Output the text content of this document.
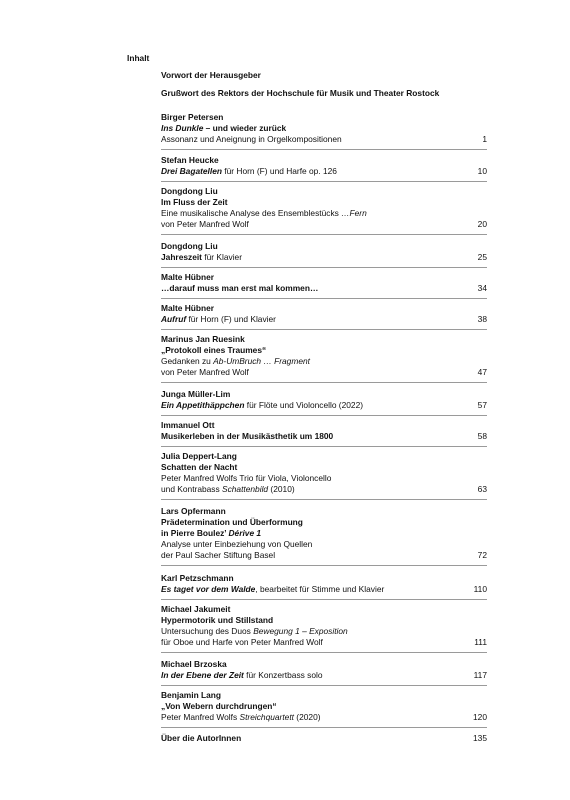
Inhalt
Vorwort der Herausgeber
Grußwort des Rektors der Hochschule für Musik und Theater Rostock
Birger Petersen
Ins Dunkle – und wieder zurück
Assonanz und Aneignung in Orgelkompositionen	1
Stefan Heucke
Drei Bagatellen für Horn (F) und Harfe op. 126	10
Dongdong Liu
Im Fluss der Zeit
Eine musikalische Analyse des Ensemblestücks …Fern
von Peter Manfred Wolf	20
Dongdong Liu
Jahreszeit für Klavier	25
Malte Hübner
…darauf muss man erst mal kommen…	34
Malte Hübner
Aufruf für Horn (F) und Klavier	38
Marinus Jan Ruesink
„Protokoll eines Traumes“
Gedanken zu Ab-UmBruch … Fragment
von Peter Manfred Wolf	47
Junga Müller-Lim
Ein Appetithäppchen für Flöte und Violoncello (2022)	57
Immanuel Ott
Musikerleben in der Musikästhetik um 1800	58
Julia Deppert-Lang
Schatten der Nacht
Peter Manfred Wolfs Trio für Viola, Violoncello
und Kontrabass Schattenbild (2010)	63
Lars Opfermann
Prädetermination und Überformung
in Pierre Boulez’ Dérive 1
Analyse unter Einbeziehung von Quellen
der Paul Sacher Stiftung Basel	72
Karl Petzschmann
Es taget vor dem Walde, bearbeitet für Stimme und Klavier	110
Michael Jakumeit
Hypermotorik und Stillstand
Untersuchung des Duos Bewegung 1 – Exposition
für Oboe und Harfe von Peter Manfred Wolf	111
Michael Brzoska
In der Ebene der Zeit für Konzertbass solo	117
Benjamin Lang
„Von Webern durchdrungen“
Peter Manfred Wolfs Streichquartett (2020)	120
Über die AutorInnen	135
